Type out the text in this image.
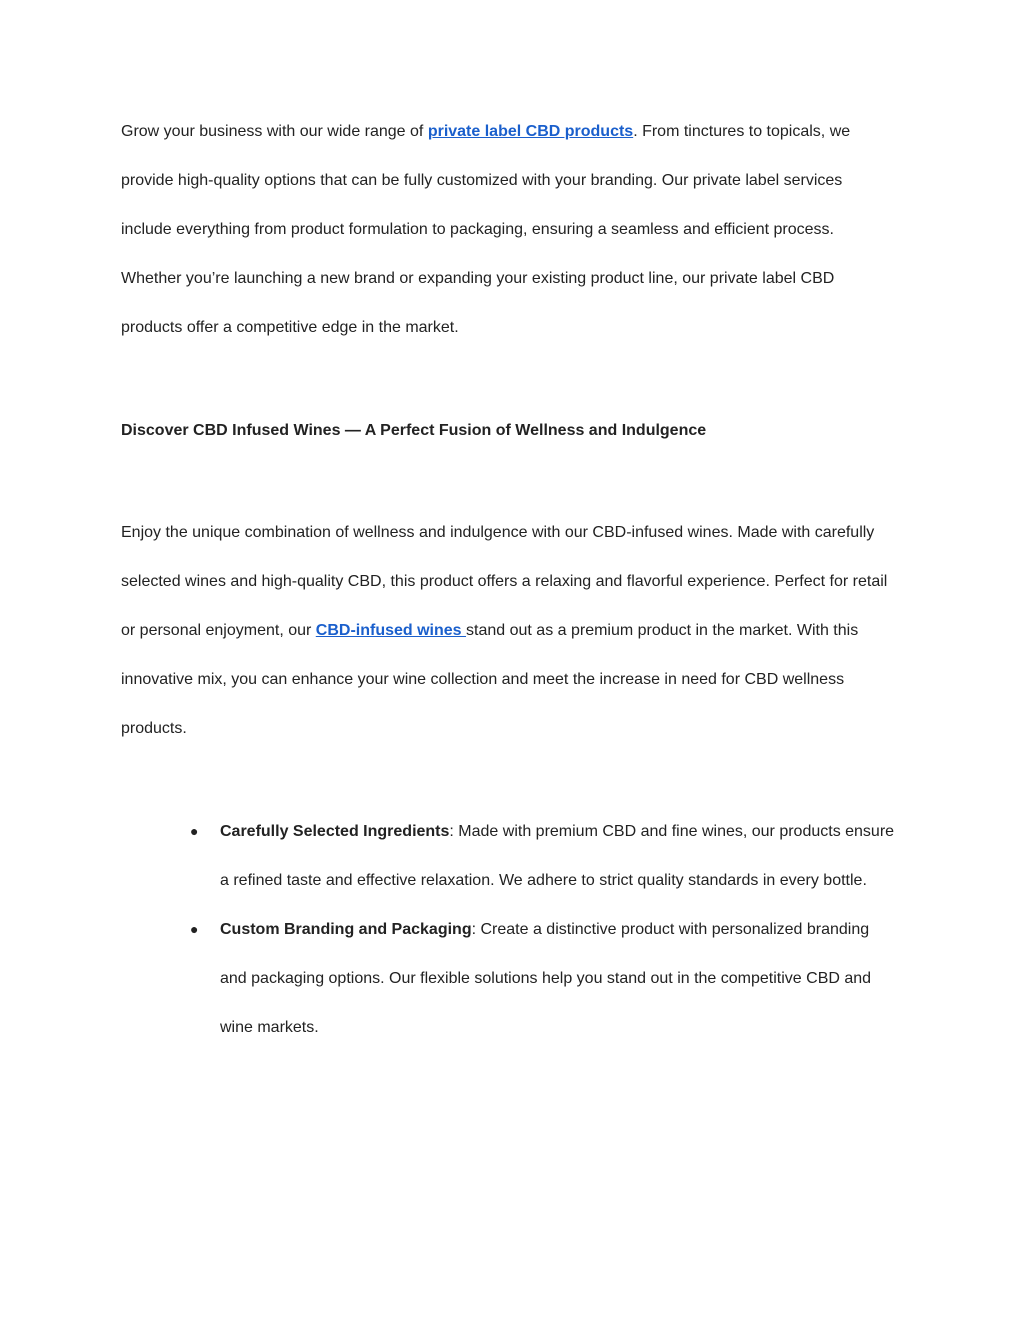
Grow your business with our wide range of private label CBD products. From tinctures to topicals, we provide high-quality options that can be fully customized with your branding. Our private label services include everything from product formulation to packaging, ensuring a seamless and efficient process. Whether you’re launching a new brand or expanding your existing product line, our private label CBD products offer a competitive edge in the market.

Discover CBD Infused Wines — A Perfect Fusion of Wellness and Indulgence

Enjoy the unique combination of wellness and indulgence with our CBD-infused wines. Made with carefully selected wines and high-quality CBD, this product offers a relaxing and flavorful experience. Perfect for retail or personal enjoyment, our CBD-infused wines stand out as a premium product in the market. With this innovative mix, you can enhance your wine collection and meet the increase in need for CBD wellness products.

● Carefully Selected Ingredients: Made with premium CBD and fine wines, our products ensure a refined taste and effective relaxation. We adhere to strict quality standards in every bottle.
● Custom Branding and Packaging: Create a distinctive product with personalized branding and packaging options. Our flexible solutions help you stand out in the competitive CBD and wine markets.
